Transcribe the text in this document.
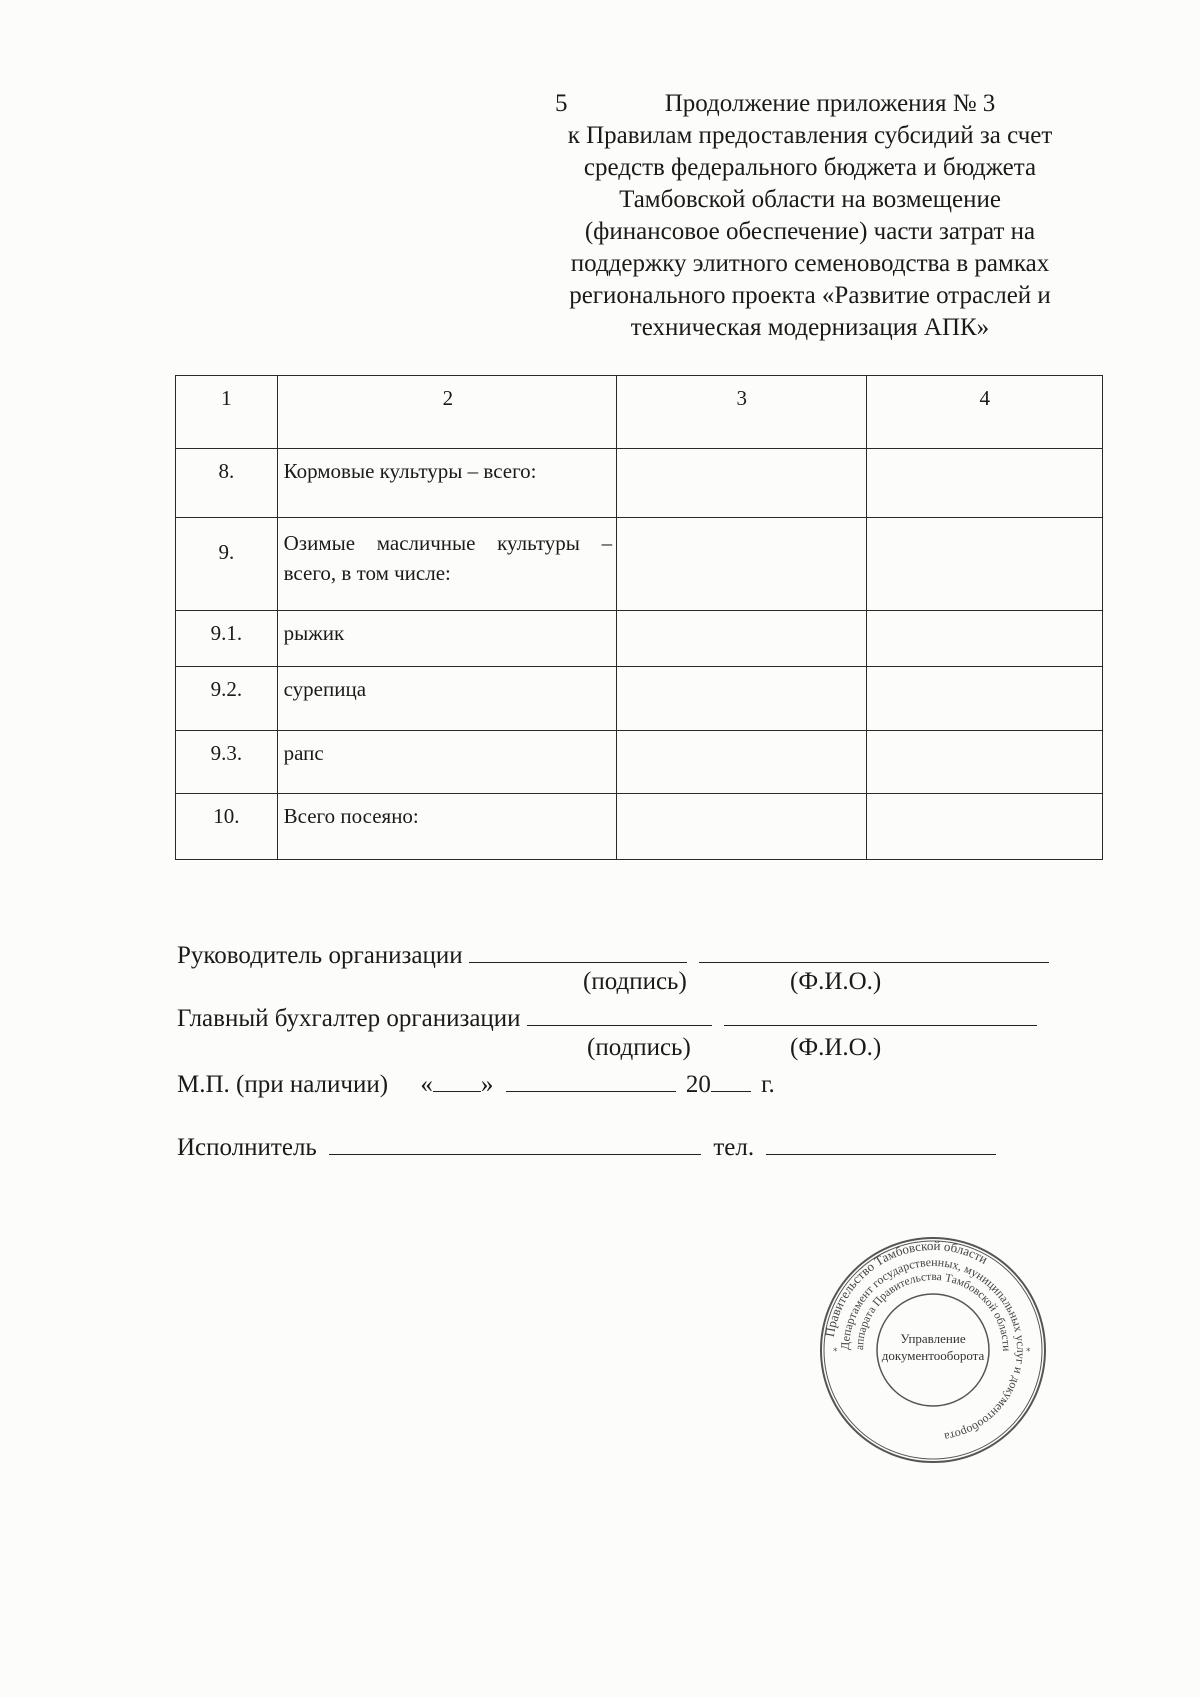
5	Продолжение приложения № 3
к Правилам предоставления субсидий за счет
средств федерального бюджета и бюджета
Тамбовской области на возмещение
(финансовое обеспечение) части затрат на
поддержку элитного семеноводства в рамках
регионального проекта «Развитие отраслей и
техническая модернизация АПК»
1	2	3	4

8.	Кормовые культуры – всего:		

9.	Озимые масличные культуры – всего, в том числе:		

9.1.	рыжик		

9.2.	сурепица		

9.3.	рапс		

10.	Всего посеяно:		

Руководитель организации
(подпись)	(Ф.И.О.)
Главный бухгалтер организации
(подпись)	(Ф.И.О.)
М.П. (при наличии) « »	20 г.
Исполнитель	тел.
Правительство Тамбовской области
Департамент государственных, муниципальных услуг и документооборота
аппарата Правительства Тамбовской области
*	*
Управление
документооборота
